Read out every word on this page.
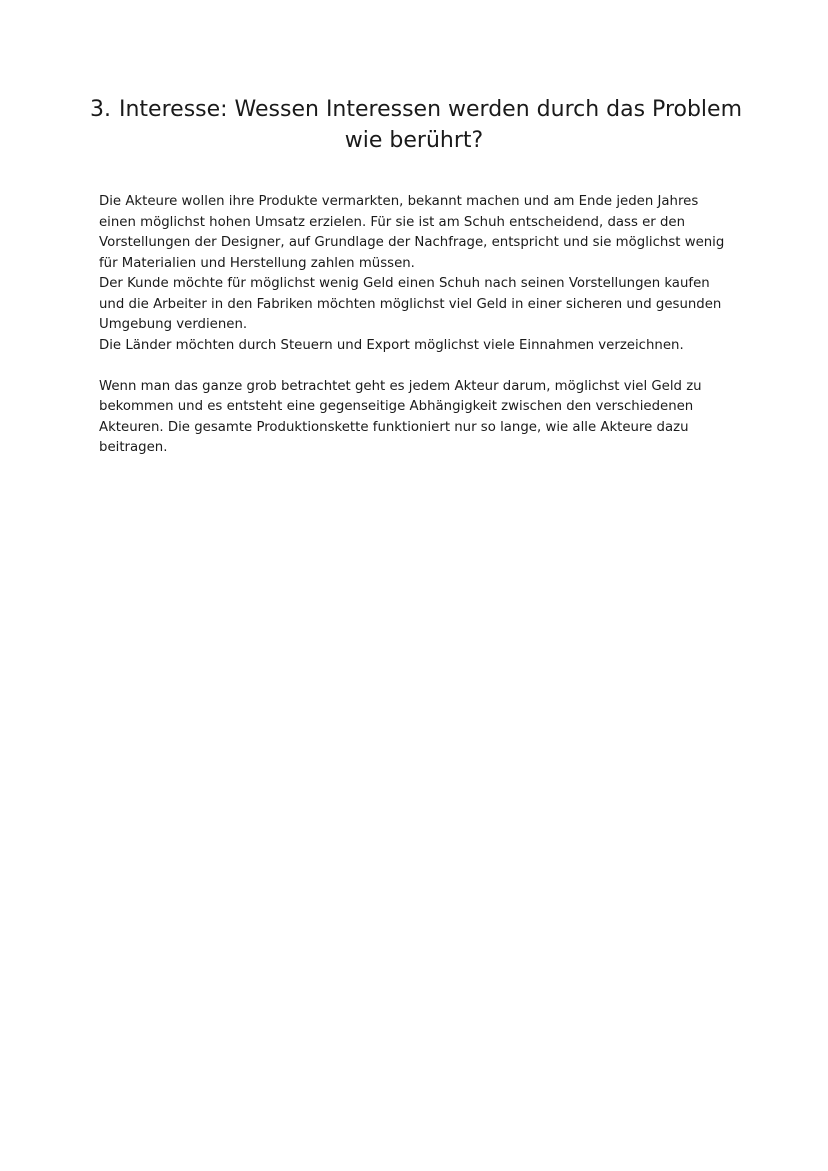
3. Interesse: Wessen Interessen werden durch das Problem
wie berührt?
Die Akteure wollen ihre Produkte vermarkten, bekannt machen und am Ende jeden Jahres
einen möglichst hohen Umsatz erzielen. Für sie ist am Schuh entscheidend, dass er den
Vorstellungen der Designer, auf Grundlage der Nachfrage, entspricht und sie möglichst wenig
für Materialien und Herstellung zahlen müssen.
Der Kunde möchte für möglichst wenig Geld einen Schuh nach seinen Vorstellungen kaufen
und die Arbeiter in den Fabriken möchten möglichst viel Geld in einer sicheren und gesunden
Umgebung verdienen.
Die Länder möchten durch Steuern und Export möglichst viele Einnahmen verzeichnen.
Wenn man das ganze grob betrachtet geht es jedem Akteur darum, möglichst viel Geld zu
bekommen und es entsteht eine gegenseitige Abhängigkeit zwischen den verschiedenen
Akteuren. Die gesamte Produktionskette funktioniert nur so lange, wie alle Akteure dazu
beitragen.
